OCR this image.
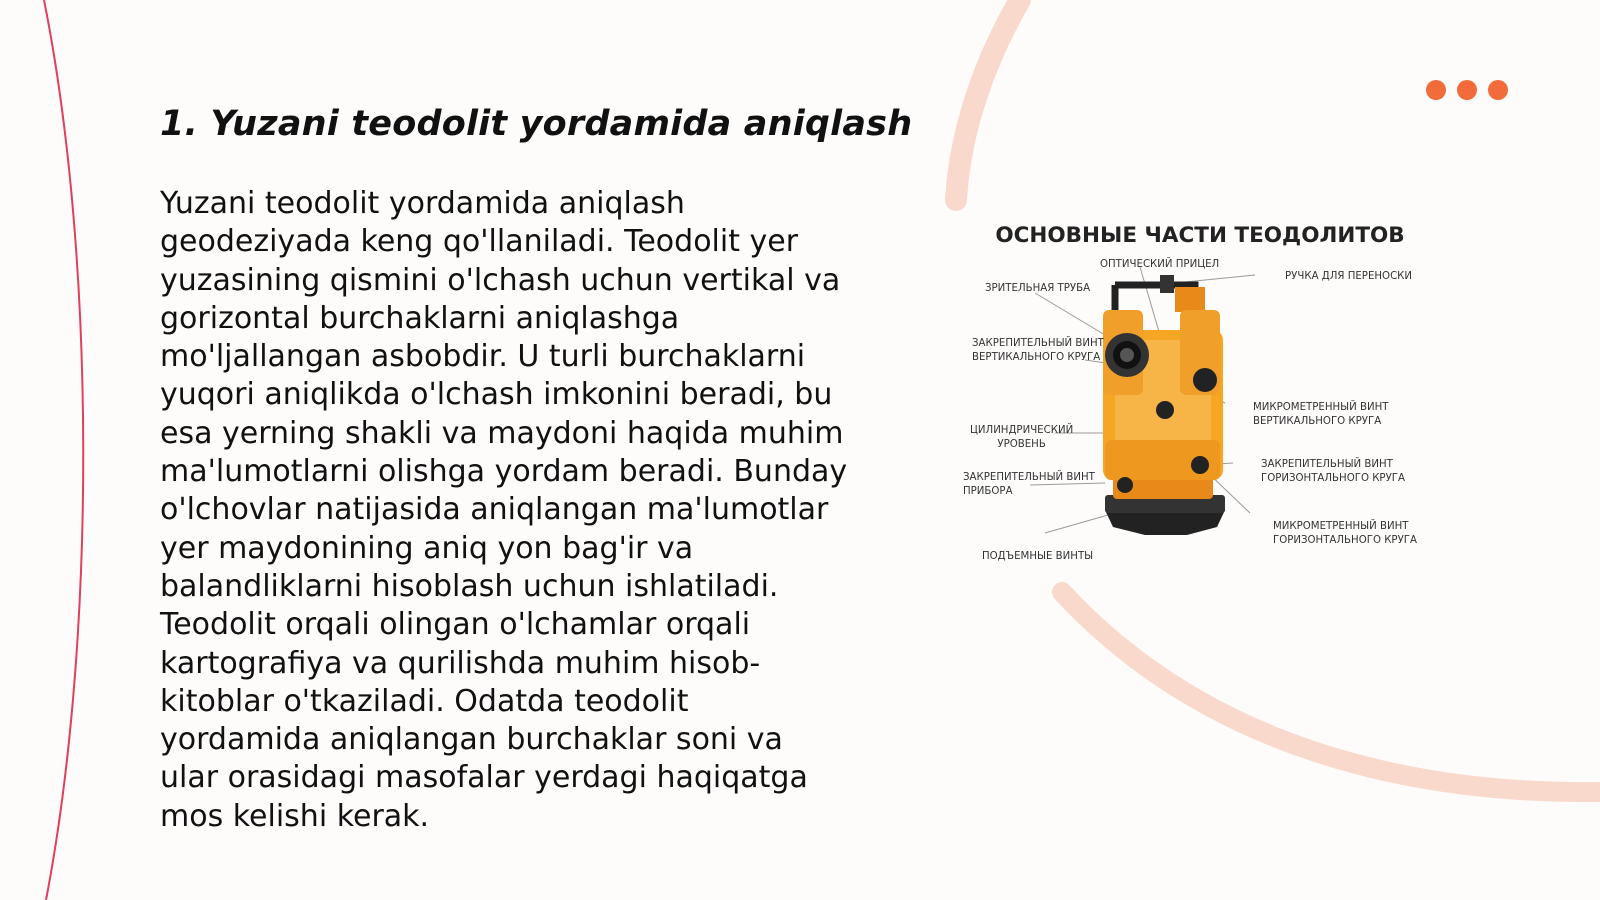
1. Yuzani teodolit yordamida aniqlash

Yuzani teodolit yordamida aniqlash geodeziyada keng qo'llaniladi. Teodolit yer yuzasining qismini o'lchash uchun vertikal va gorizontal burchaklarni aniqlashga mo'ljallangan asbobdir. U turli burchaklarni yuqori aniqlikda o'lchash imkonini beradi, bu esa yerning shakli va maydoni haqida muhim ma'lumotlarni olishga yordam beradi. Bunday o'lchovlar natijasida aniqlangan ma'lumotlar yer maydonining aniq yon bag'ir va balandliklarni hisoblash uchun ishlatiladi. Teodolit orqali olingan o'lchamlar orqali kartografiya va qurilishda muhim hisob-kitoblar o'tkaziladi. Odatda teodolit yordamida aniqlangan burchaklar soni va ular orasidagi masofalar yerdagi haqiqatga mos kelishi kerak.

ОСНОВНЫЕ ЧАСТИ ТЕОДОЛИТОВ
ОПТИЧЕСКИЙ ПРИЦЕЛ
РУЧКА ДЛЯ ПЕРЕНОСКИ
ЗРИТЕЛЬНАЯ ТРУБА
ЗАКРЕПИТЕЛЬНЫЙ ВИНТ
ВЕРТИКАЛЬНОГО КРУГА
МИКРОМЕТРЕННЫЙ ВИНТ
ВЕРТИКАЛЬНОГО КРУГА
ЦИЛИНДРИЧЕСКИЙ
УРОВЕНЬ
ЗАКРЕПИТЕЛЬНЫЙ ВИНТ
ГОРИЗОНТАЛЬНОГО КРУГА
ЗАКРЕПИТЕЛЬНЫЙ ВИНТ
ПРИБОРА
МИКРОМЕТРЕННЫЙ ВИНТ
ГОРИЗОНТАЛЬНОГО КРУГА
ПОДЪЕМНЫЕ ВИНТЫ
